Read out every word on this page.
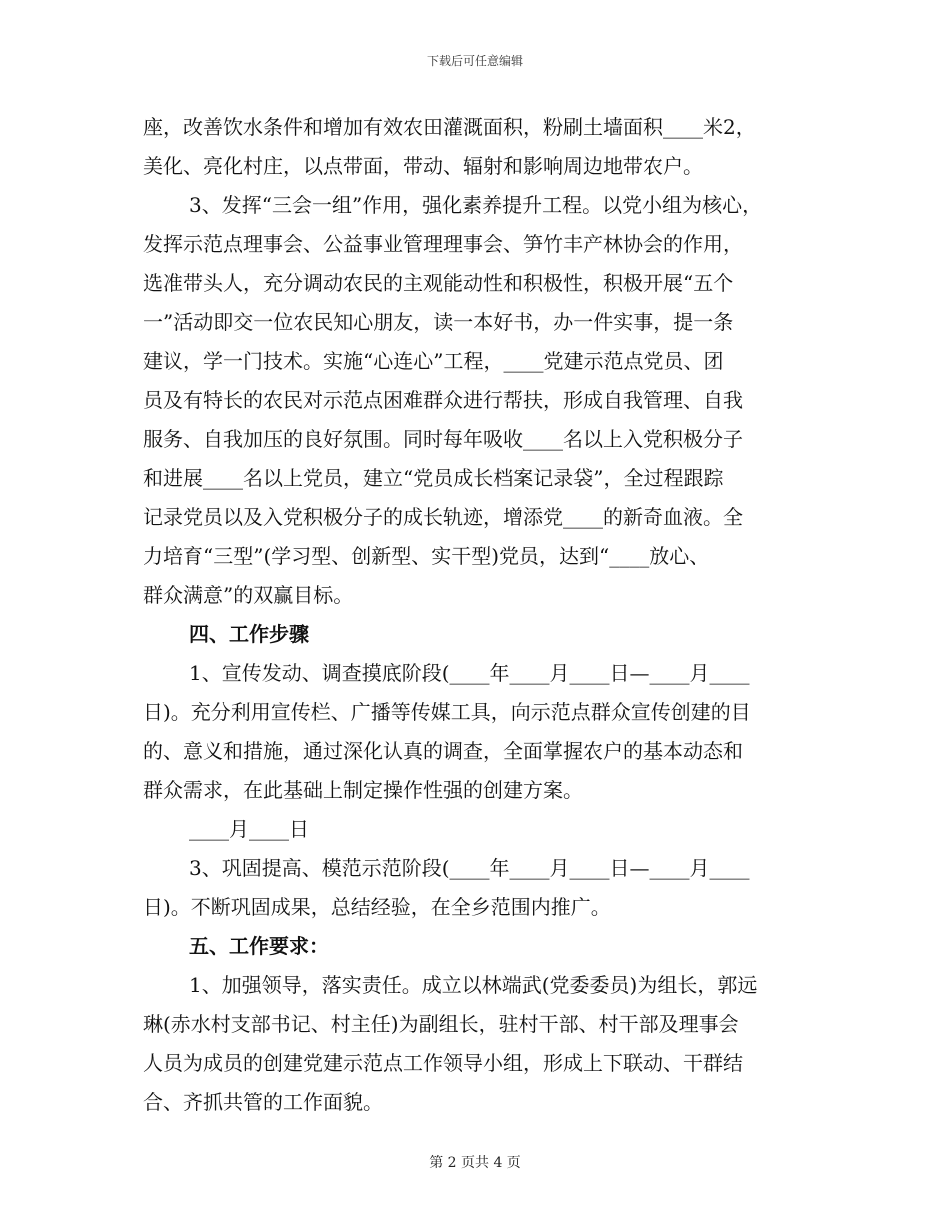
下载后可任意编辑
座，改善饮水条件和增加有效农田灌溉面积，粉刷土墙面积____米2，
美化、亮化村庄，以点带面，带动、辐射和影响周边地带农户。
3、发挥“三会一组”作用，强化素养提升工程。以党小组为核心，
发挥示范点理事会、公益事业管理理事会、笋竹丰产林协会的作用，
选准带头人，充分调动农民的主观能动性和积极性，积极开展“五个
一”活动即交一位农民知心朋友，读一本好书，办一件实事，提一条
建议，学一门技术。实施“心连心”工程，____党建示范点党员、团
员及有特长的农民对示范点困难群众进行帮扶，形成自我管理、自我
服务、自我加压的良好氛围。同时每年吸收____名以上入党积极分子
和进展____名以上党员，建立“党员成长档案记录袋”，全过程跟踪
记录党员以及入党积极分子的成长轨迹，增添党____的新奇血液。全
力培育“三型”(学习型、创新型、实干型)党员，达到“____放心、
群众满意”的双赢目标。
四、工作步骤
1、宣传发动、调查摸底阶段(____年____月____日—____月____
日)。充分利用宣传栏、广播等传媒工具，向示范点群众宣传创建的目
的、意义和措施，通过深化认真的调查，全面掌握农户的基本动态和
群众需求，在此基础上制定操作性强的创建方案。
____月____日
3、巩固提高、模范示范阶段(____年____月____日—____月____
日)。不断巩固成果，总结经验，在全乡范围内推广。
五、工作要求：
1、加强领导，落实责任。成立以林端武(党委委员)为组长，郭远
琳(赤水村支部书记、村主任)为副组长，驻村干部、村干部及理事会
人员为成员的创建党建示范点工作领导小组，形成上下联动、干群结
合、齐抓共管的工作面貌。
第 2 页共 4 页
